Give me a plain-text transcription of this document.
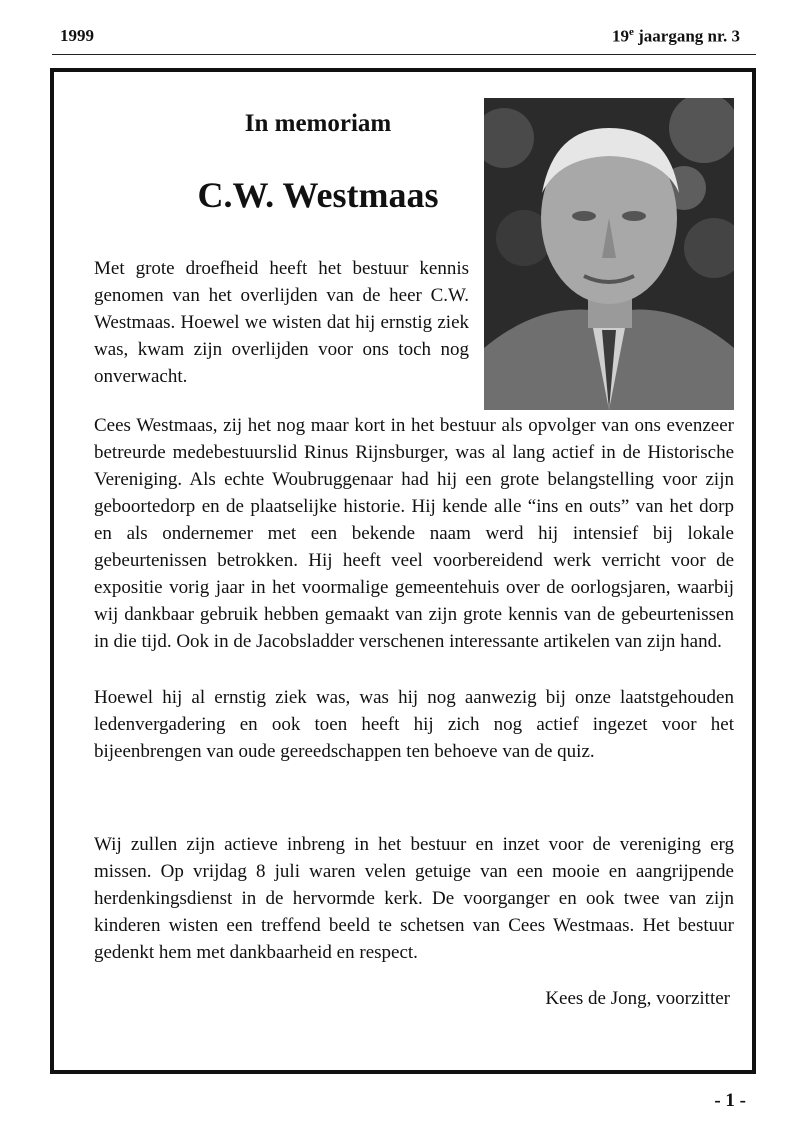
1999	19e jaargang nr. 3
In memoriam
C.W. Westmaas
Met grote droefheid heeft het bestuur kennis genomen van het overlijden van de heer C.W. Westmaas. Hoewel we wisten dat hij ernstig ziek was, kwam zijn overlijden voor ons toch nog onverwacht.
Cees Westmaas, zij het nog maar kort in het bestuur als opvolger van ons evenzeer betreurde medebestuurslid Rinus Rijnsburger, was al lang actief in de Historische Vereniging. Als echte Woubruggenaar had hij een grote belangstelling voor zijn geboortedorp en de plaatselijke historie. Hij kende alle “ins en outs” van het dorp en als ondernemer met een bekende naam werd hij intensief bij lokale gebeurtenissen betrokken. Hij heeft veel voorbereidend werk verricht voor de expositie vorig jaar in het voormalige gemeentehuis over de oorlogsjaren, waarbij wij dankbaar gebruik hebben gemaakt van zijn grote kennis van de gebeurtenissen in die tijd. Ook in de Jacobsladder verschenen interessante artikelen van zijn hand.
Hoewel hij al ernstig ziek was, was hij nog aanwezig bij onze laatstgehouden ledenvergadering en ook toen heeft hij zich nog actief ingezet voor het bijeenbrengen van oude gereedschappen ten behoeve van de quiz.
Wij zullen zijn actieve inbreng in het bestuur en inzet voor de vereniging erg missen. Op vrijdag 8 juli waren velen getuige van een mooie en aangrijpende herdenkingsdienst in de hervormde kerk. De voorganger en ook twee van zijn kinderen wisten een treffend beeld te schetsen van Cees Westmaas. Het bestuur gedenkt hem met dankbaarheid en respect.
Kees de Jong, voorzitter
- 1 -
